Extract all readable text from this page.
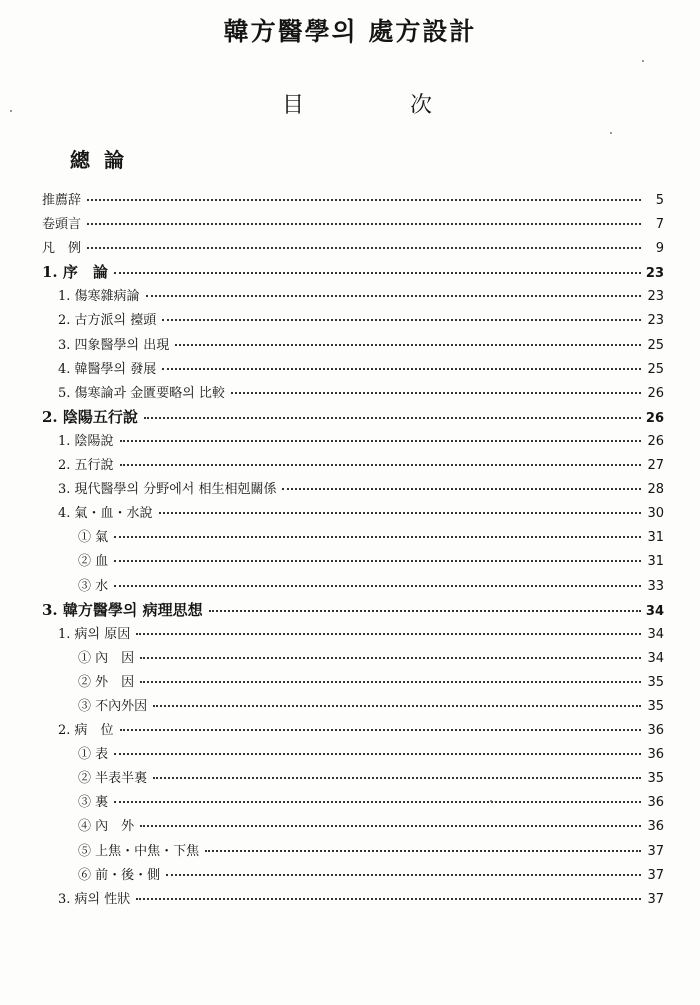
韓方醫學의 處方設計
目	次
總論
推薦辞	5
卷頭言	7
凡　例	9
1. 序　論	23
1. 傷寒雜病論	23
2. 古方派의 擡頭	23
3. 四象醫學의 出現	25
4. 韓醫學의 發展	25
5. 傷寒論과 金匱要略의 比較	26
2. 陰陽五行說	26
1. 陰陽說	26
2. 五行說	27
3. 現代醫學의 分野에서 相生相剋關係	28
4. 氣・血・水說	30
① 氣	31
② 血	31
③ 水	33
3. 韓方醫學의 病理思想	34
1. 病의 原因	34
① 內　因	34
② 外　因	35
③ 不內外因	35
2. 病　位	36
① 表	36
② 半表半裏	35
③ 裏	36
④ 內　外	36
⑤ 上焦・中焦・下焦	37
⑥ 前・後・側	37
3. 病의 性狀	37
